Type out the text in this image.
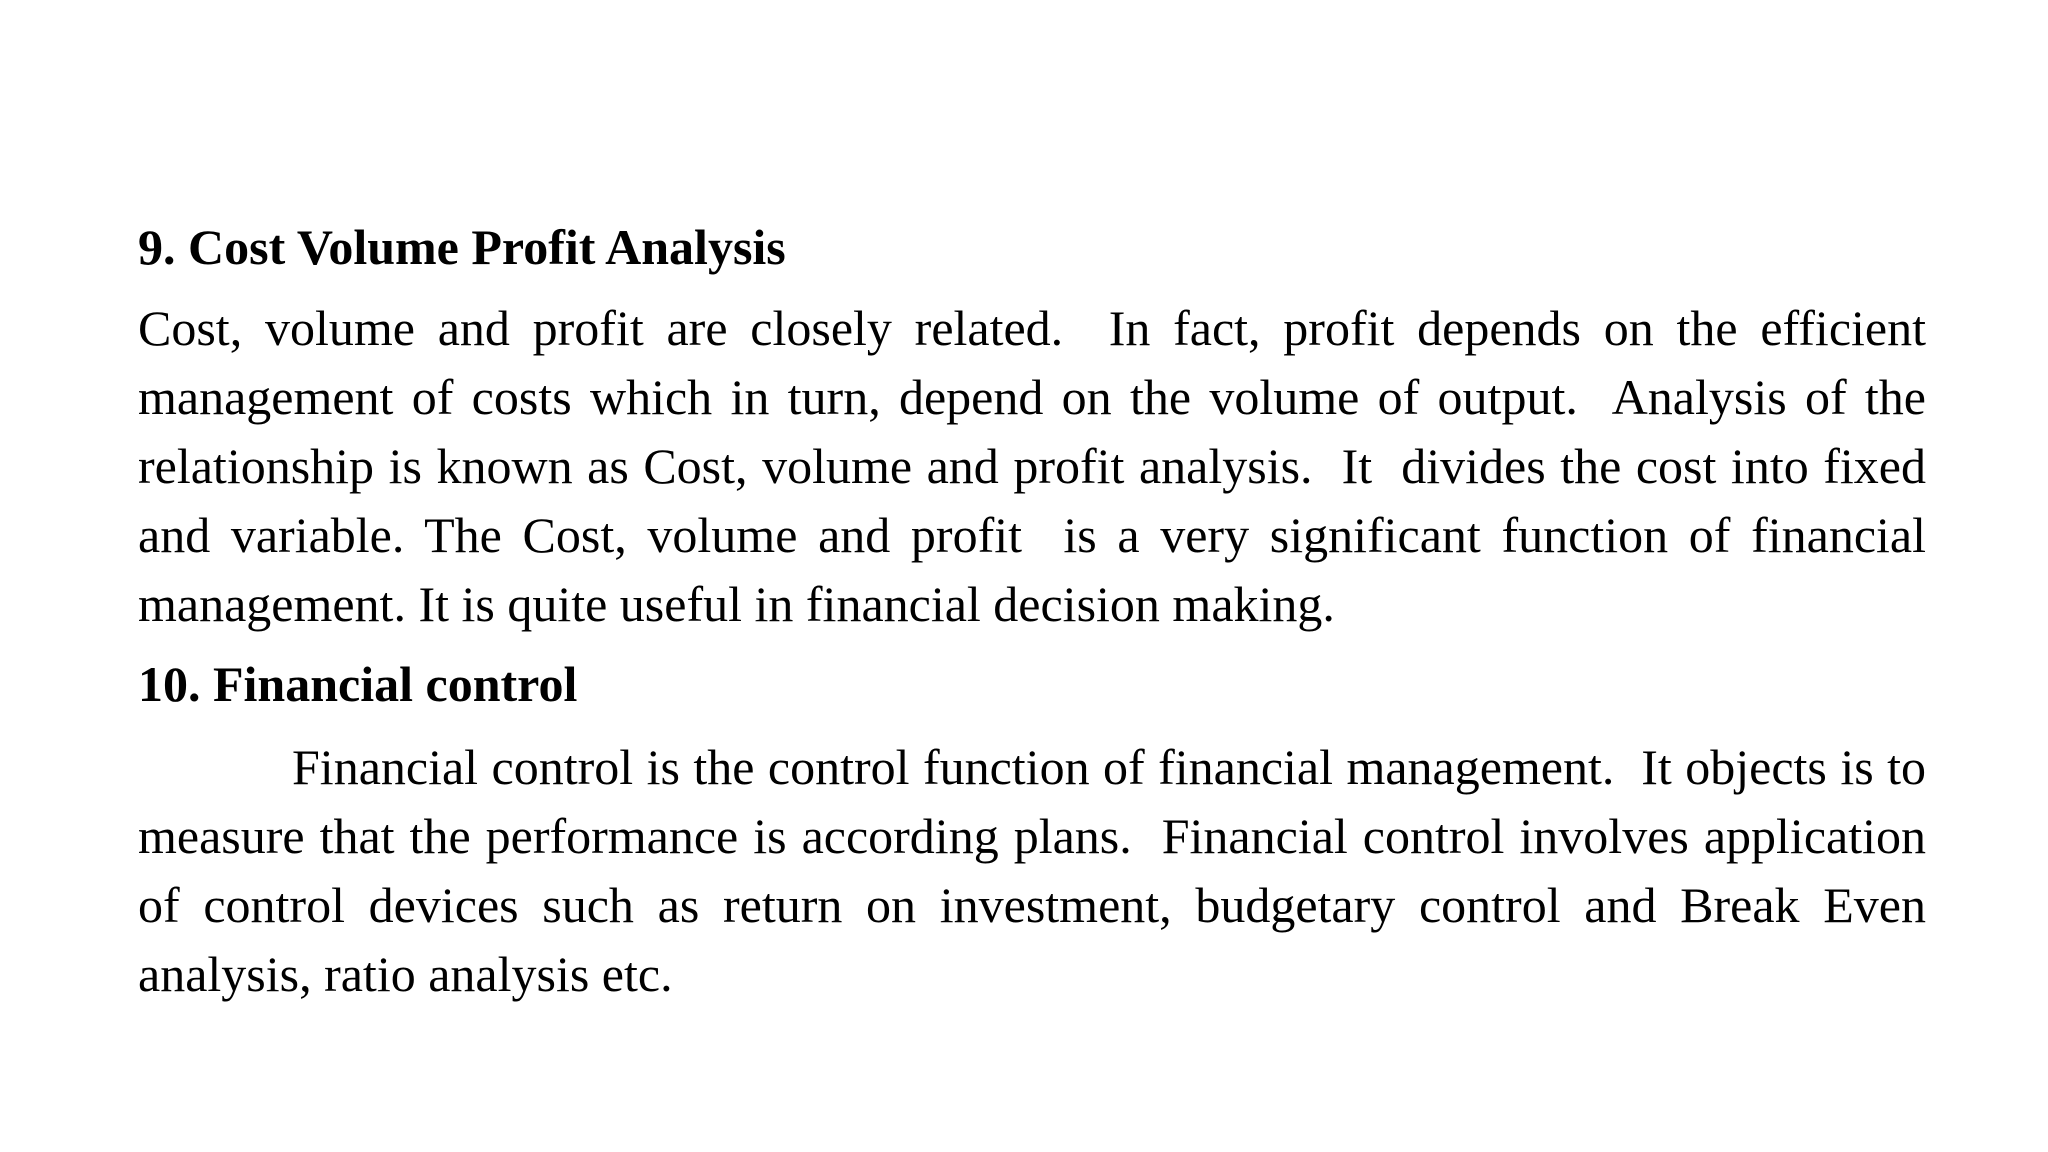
9. Cost Volume Profit Analysis

Cost, volume and profit are closely related.  In fact, profit depends on the efficient management of costs which in turn, depend on the volume of output.  Analysis of the relationship is known as Cost, volume and profit analysis.  It  divides the cost into fixed and variable. The Cost, volume and profit  is a very significant function of financial management. It is quite useful in financial decision making.

10. Financial control

Financial control is the control function of financial management.  It objects is to measure that the performance is according plans.  Financial control involves application of control devices such as return on investment, budgetary control and Break Even analysis, ratio analysis etc.
